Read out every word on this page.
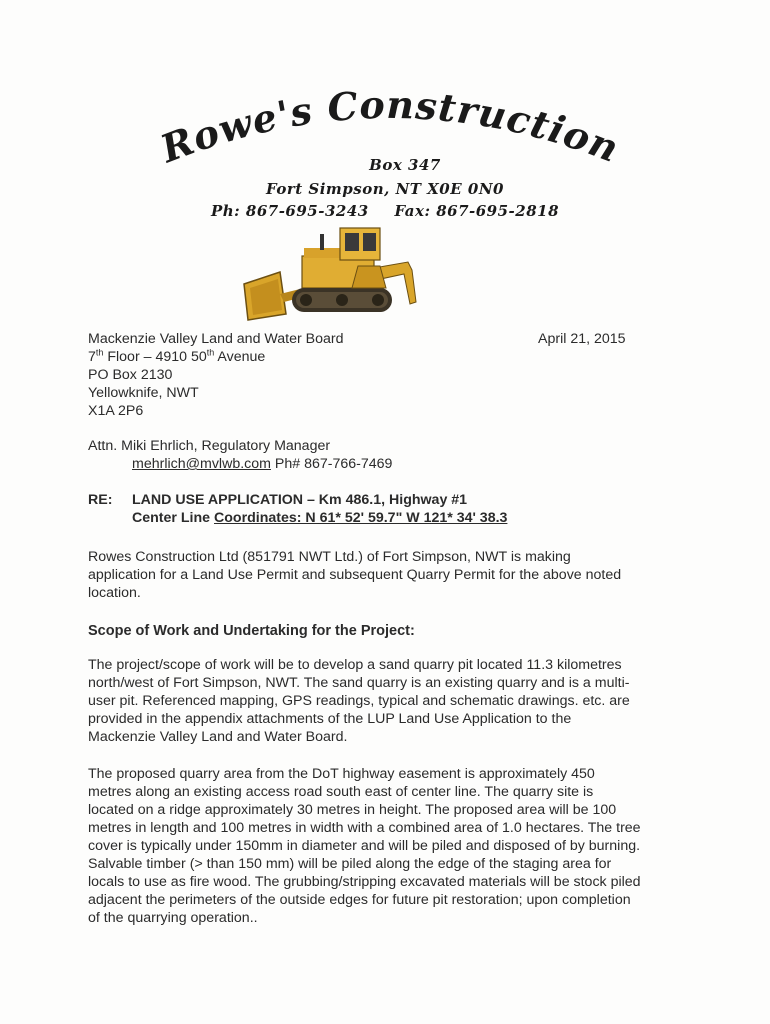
Rowe's Construction
Box 347
Fort Simpson, NT X0E 0N0
Ph: 867-695-3243 Fax: 867-695-2818
Mackenzie Valley Land and Water Board
7th Floor – 4910 50th Avenue
PO Box 2130
Yellowknife, NWT
X1A 2P6
April 21, 2015
Attn. Miki Ehrlich, Regulatory Manager
mehrlich@mvlwb.com Ph# 867-766-7469
RE: LAND USE APPLICATION – Km 486.1, Highway #1
Center Line Coordinates: N 61* 52' 59.7" W 121* 34' 38.3
Rowes Construction Ltd (851791 NWT Ltd.) of Fort Simpson, NWT is making
application for a Land Use Permit and subsequent Quarry Permit for the above noted
location.
Scope of Work and Undertaking for the Project:
The project/scope of work will be to develop a sand quarry pit located 11.3 kilometres
north/west of Fort Simpson, NWT. The sand quarry is an existing quarry and is a multi-
user pit. Referenced mapping, GPS readings, typical and schematic drawings. etc. are
provided in the appendix attachments of the LUP Land Use Application to the
Mackenzie Valley Land and Water Board.
The proposed quarry area from the DoT highway easement is approximately 450
metres along an existing access road south east of center line. The quarry site is
located on a ridge approximately 30 metres in height. The proposed area will be 100
metres in length and 100 metres in width with a combined area of 1.0 hectares. The tree
cover is typically under 150mm in diameter and will be piled and disposed of by burning.
Salvable timber (> than 150 mm) will be piled along the edge of the staging area for
locals to use as fire wood. The grubbing/stripping excavated materials will be stock piled
adjacent the perimeters of the outside edges for future pit restoration; upon completion
of the quarrying operation..
